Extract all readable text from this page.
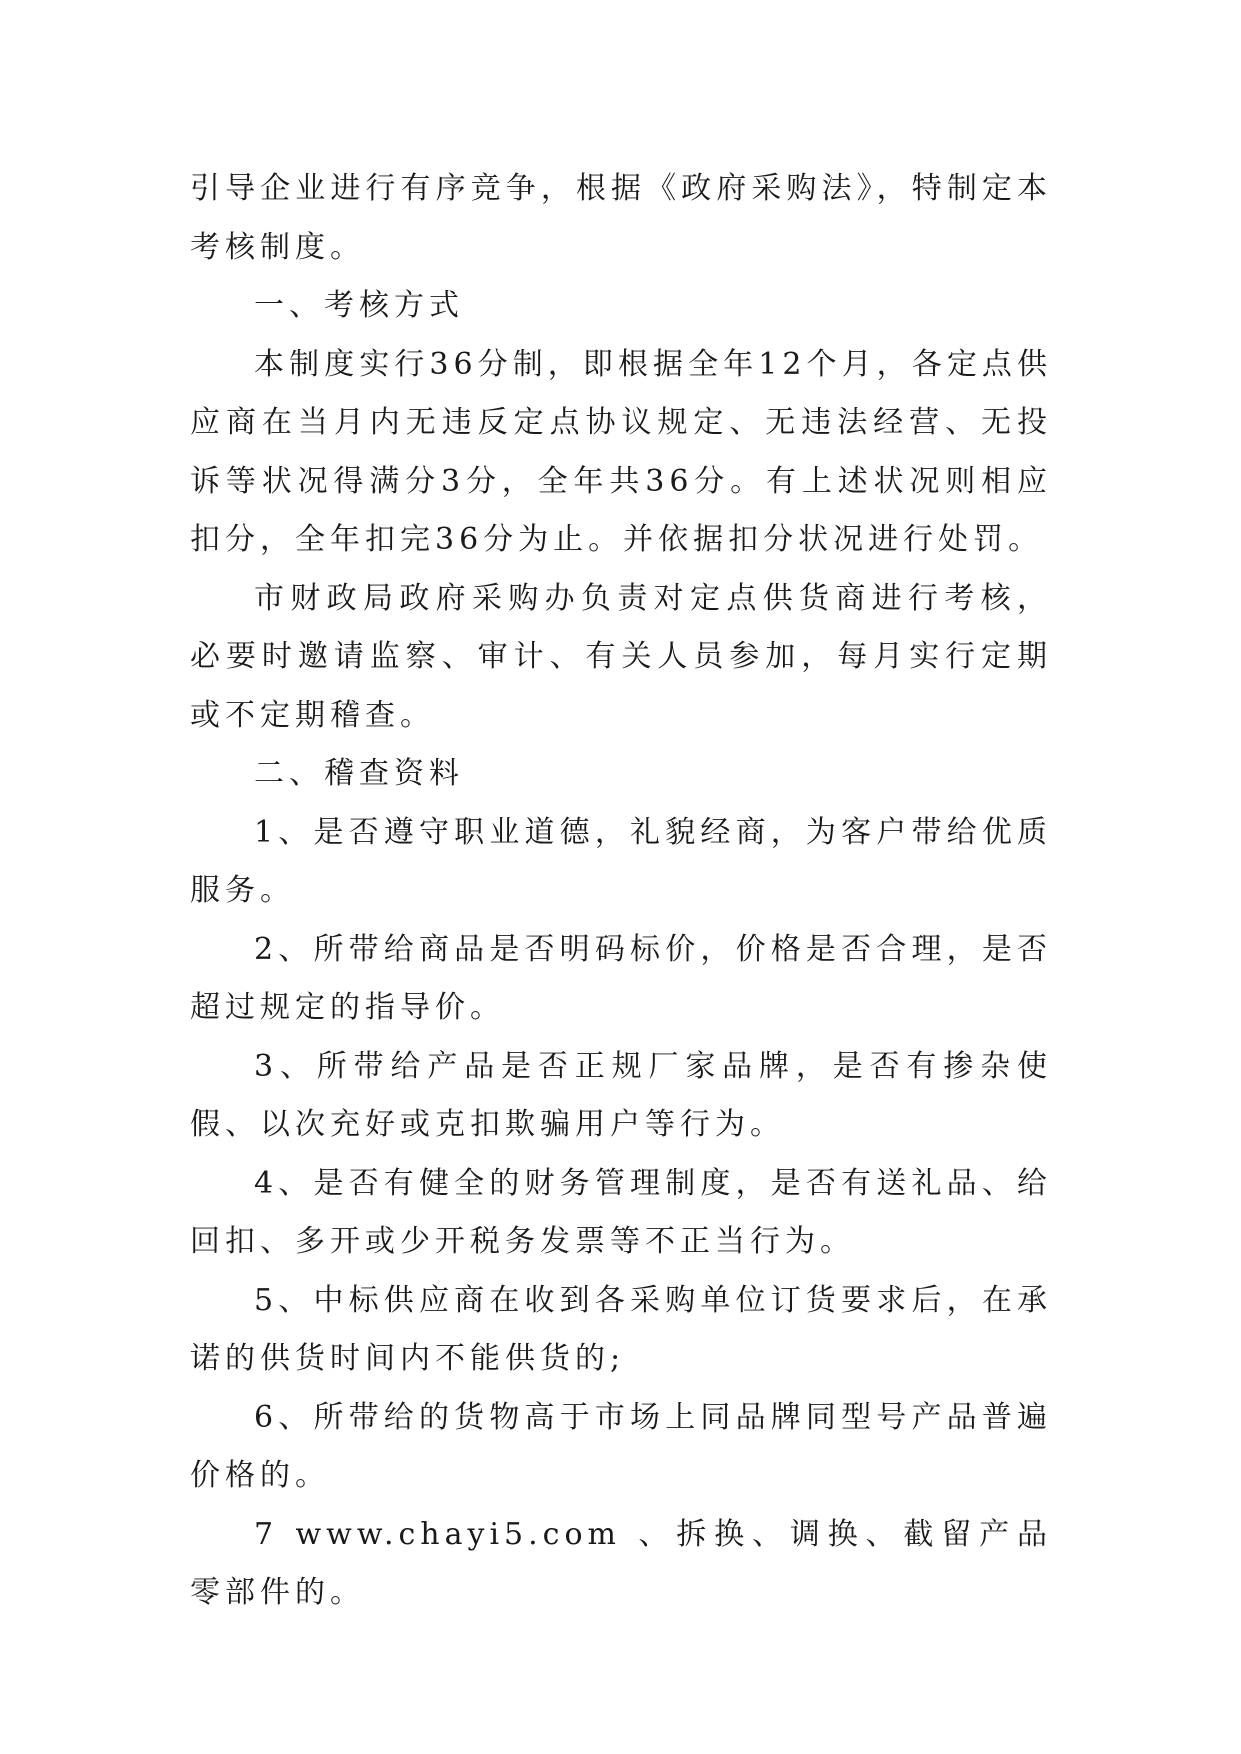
引导企业进行有序竞争，根据《政府采购法》，特制定本考核制度。

一、考核方式

本制度实行36分制，即根据全年12个月，各定点供应商在当月内无违反定点协议规定、无违法经营、无投诉等状况得满分3分，全年共36分。有上述状况则相应扣分，全年扣完36分为止。并依据扣分状况进行处罚。

市财政局政府采购办负责对定点供货商进行考核，必要时邀请监察、审计、有关人员参加，每月实行定期或不定期稽查。

二、稽查资料

1、是否遵守职业道德，礼貌经商，为客户带给优质服务。

2、所带给商品是否明码标价，价格是否合理，是否超过规定的指导价。

3、所带给产品是否正规厂家品牌，是否有掺杂使假、以次充好或克扣欺骗用户等行为。

4、是否有健全的财务管理制度，是否有送礼品、给回扣、多开或少开税务发票等不正当行为。

5、中标供应商在收到各采购单位订货要求后，在承诺的供货时间内不能供货的;

6、所带给的货物高于市场上同品牌同型号产品普遍价格的。

7 www.chayi5.com 、拆换、调换、截留产品零部件的。
